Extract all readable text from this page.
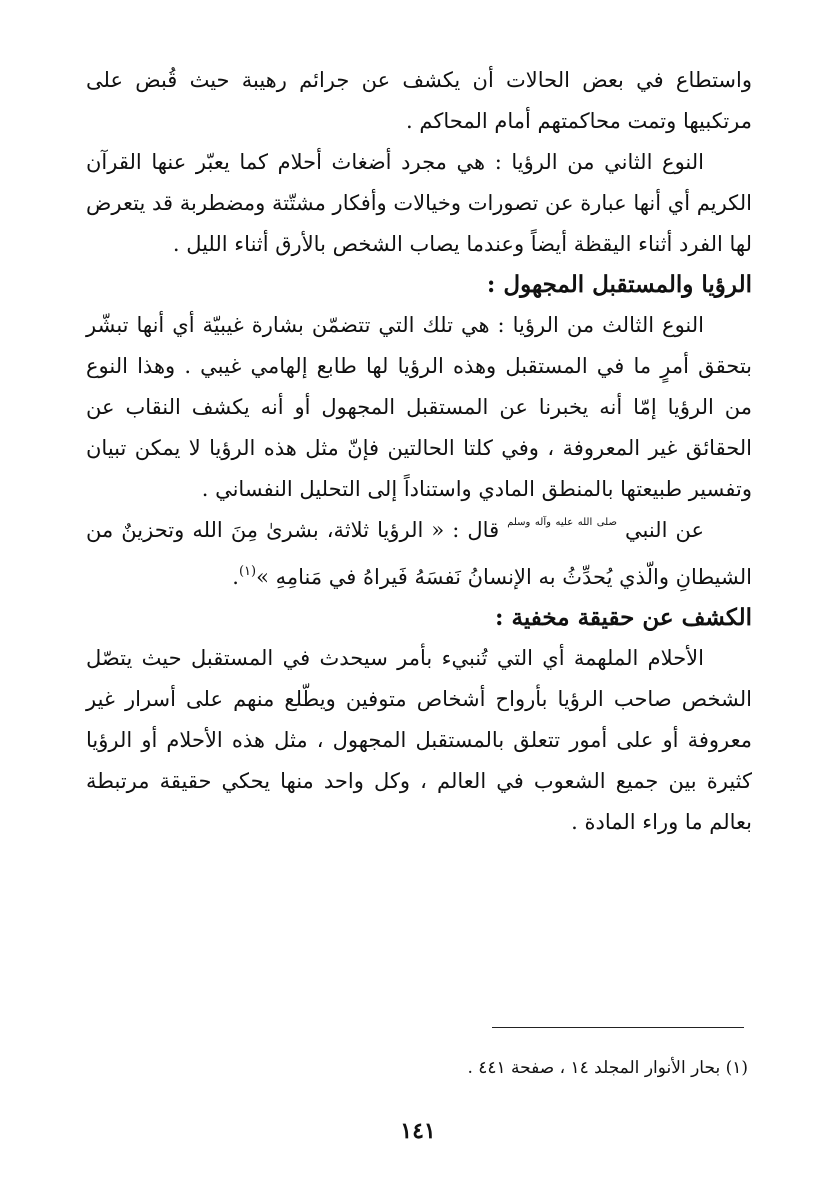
واستطاع في بعض الحالات أن يكشف عن جرائم رهيبة حيث قُبض على مرتكبيها وتمت محاكمتهم أمام المحاكم .

النوع الثاني من الرؤيا : هي مجرد أضغاث أحلام كما يعبّر عنها القرآن الكريم أي أنها عبارة عن تصورات وخيالات وأفكار مشتّتة ومضطربة قد يتعرض لها الفرد أثناء اليقظة أيضاً وعندما يصاب الشخص بالأرق أثناء الليل .

الرؤيا والمستقبل المجهول :

النوع الثالث من الرؤيا : هي تلك التي تتضمّن بشارة غيبيّة أي أنها تبشّر بتحقق أمرٍ ما في المستقبل وهذه الرؤيا لها طابع إلهامي غيبي . وهذا النوع من الرؤيا إمّا أنه يخبرنا عن المستقبل المجهول أو أنه يكشف النقاب عن الحقائق غير المعروفة ، وفي كلتا الحالتين فإنّ مثل هذه الرؤيا لا يمكن تبيان وتفسير طبيعتها بالمنطق المادي واستناداً إلى التحليل النفساني .

عن النبي $^{صلى الله عليه وآله وسلم}$ قال : « الرؤيا ثلاثة، بشرىٰ مِنَ الله وتحزينٌ من الشيطانِ والّذي يُحدِّثُ به الإنسانُ نَفسَهُ فَيراهُ في مَنامِهِ »$^{(١)}$.

الكشف عن حقيقة مخفية :

الأحلام الملهمة أي التي تُنبيء بأمر سيحدث في المستقبل حيث يتصّل الشخص صاحب الرؤيا بأرواح أشخاص متوفين ويطّلع منهم على أسرار غير معروفة أو على أمور تتعلق بالمستقبل المجهول ، مثل هذه الأحلام أو الرؤيا كثيرة بين جميع الشعوب في العالم ، وكل واحد منها يحكي حقيقة مرتبطة بعالم ما وراء المادة .

(١) بحار الأنوار المجلد ١٤ ، صفحة ٤٤١ .
١٤١
